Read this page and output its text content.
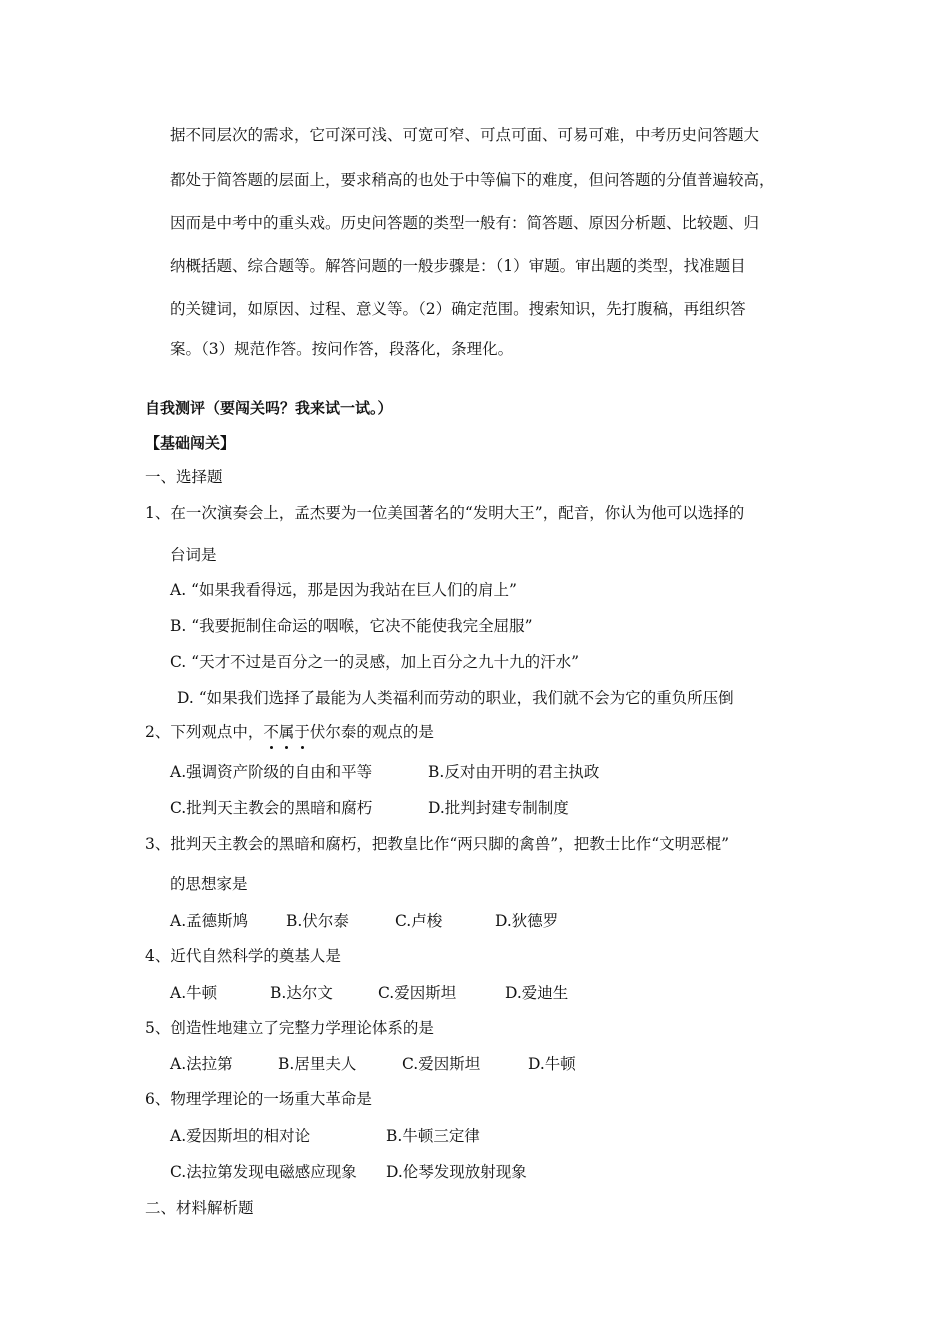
据不同层次的需求，它可深可浅、可宽可窄、可点可面、可易可难，中考历史问答题大
都处于简答题的层面上，要求稍高的也处于中等偏下的难度，但问答题的分值普遍较高，
因而是中考中的重头戏。历史问答题的类型一般有：简答题、原因分析题、比较题、归
纳概括题、综合题等。解答问题的一般步骤是：（1）审题。审出题的类型，找准题目
的关键词，如原因、过程、意义等。（2）确定范围。搜索知识，先打腹稿，再组织答
案。（3）规范作答。按问作答，段落化，条理化。
自我测评（要闯关吗？我来试一试。）
【基础闯关】
一、选择题
1、在一次演奏会上，孟杰要为一位美国著名的“发明大王”，配音，你认为他可以选择的
台词是
A. “如果我看得远，那是因为我站在巨人们的肩上”
B. “我要扼制住命运的咽喉，它决不能使我完全屈服”
C. “天才不过是百分之一的灵感，加上百分之九十九的汗水”
D. “如果我们选择了最能为人类福利而劳动的职业，我们就不会为它的重负所压倒
2、下列观点中，不属于伏尔泰的观点的是
A.强调资产阶级的自由和平等	B.反对由开明的君主执政
C.批判天主教会的黑暗和腐朽	D.批判封建专制制度
3、批判天主教会的黑暗和腐朽，把教皇比作“两只脚的禽兽”，把教士比作“文明恶棍”
的思想家是
A.孟德斯鸠 B.伏尔泰	C.卢梭	D.狄德罗
4、近代自然科学的奠基人是
A.牛顿	B.达尔文	C.爱因斯坦	D.爱迪生
5、创造性地建立了完整力学理论体系的是
A.法拉第	B.居里夫人	C.爱因斯坦	D.牛顿
6、物理学理论的一场重大革命是
A.爱因斯坦的相对论	B.牛顿三定律
C.法拉第发现电磁感应现象 D.伦琴发现放射现象
二、材料解析题
